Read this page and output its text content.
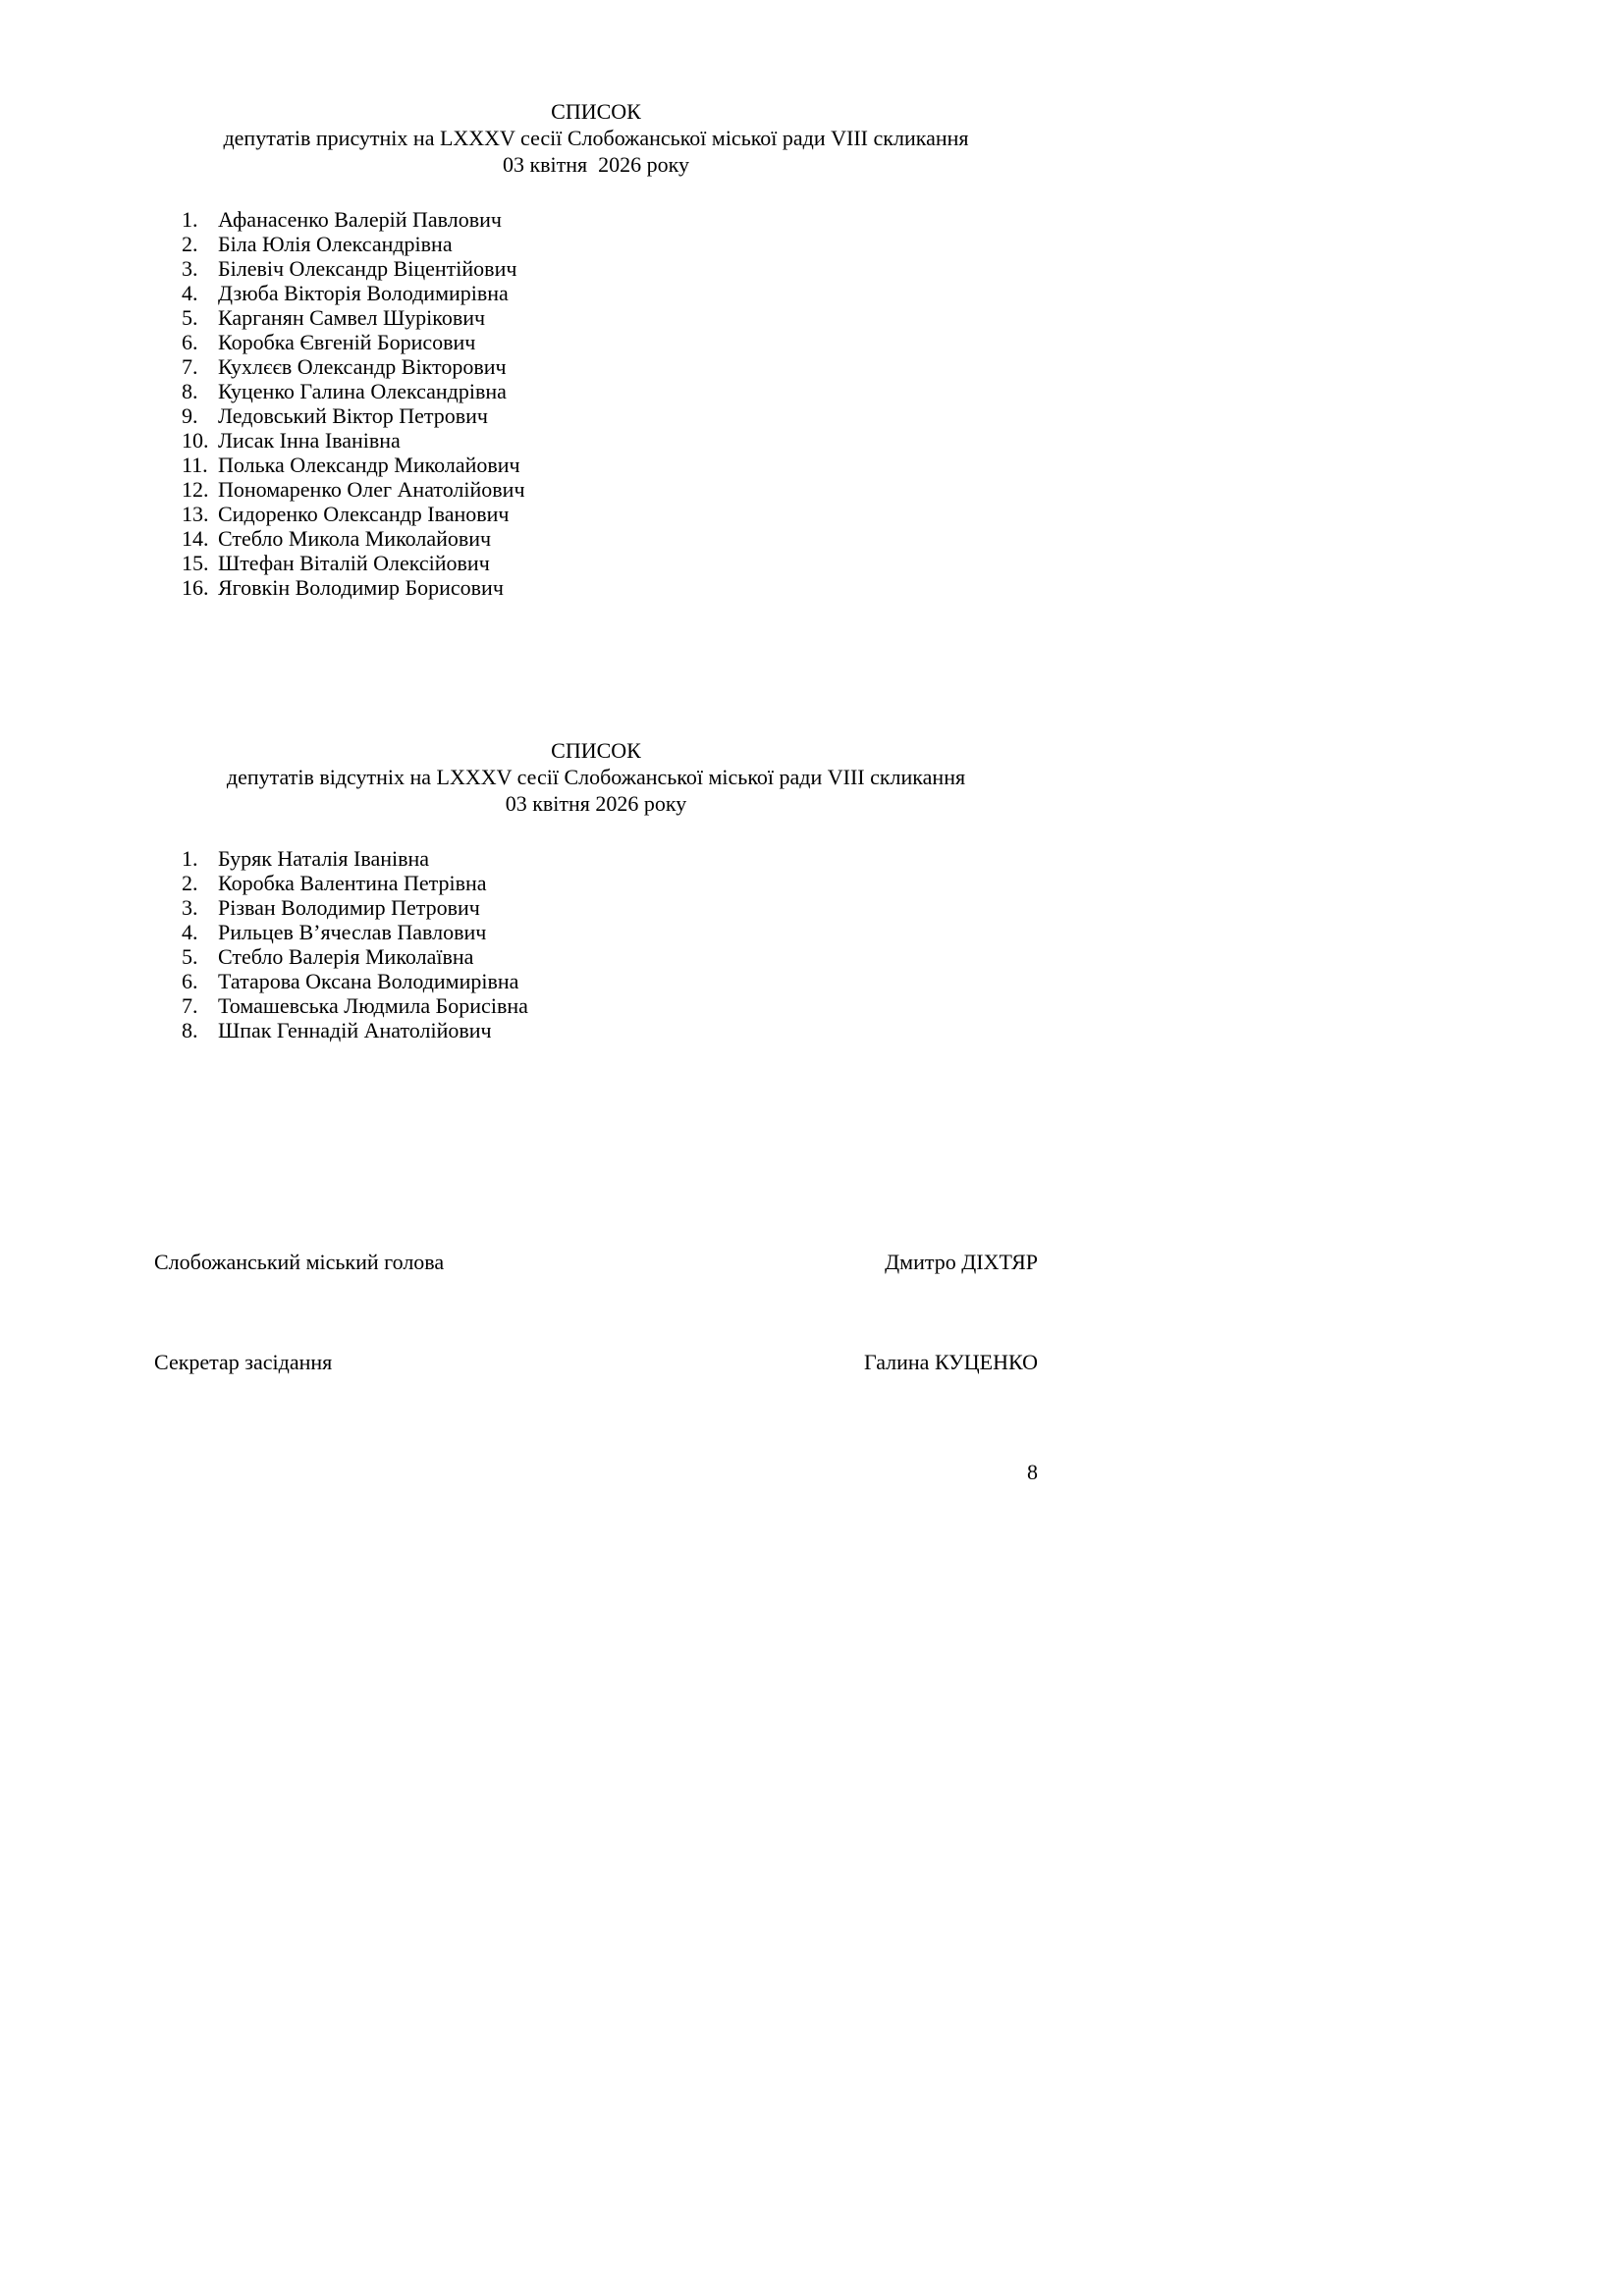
СПИСОК
депутатів присутніх на LXXXV сесії Слобожанської міської ради VIII скликання
03 квітня  2026 року
1. Афанасенко Валерій Павлович
2. Біла Юлія Олександрівна
3. Білевіч Олександр Віцентійович
4. Дзюба Вікторія Володимирівна
5. Карганян Самвел Шурікович
6. Коробка Євгеній Борисович
7. Кухлєєв Олександр Вікторович
8. Куценко Галина Олександрівна
9. Ледовський Віктор Петрович
10. Лисак Інна Іванівна
11. Полька Олександр Миколайович
12. Пономаренко Олег Анатолійович
13. Сидоренко Олександр Іванович
14. Стебло Микола Миколайович
15. Штефан Віталій Олексійович
16. Яговкін Володимир Борисович
СПИСОК
депутатів відсутніх на LXXXV сесії Слобожанської міської ради VIII скликання
03 квітня 2026 року
1. Буряк Наталія Іванівна
2. Коробка Валентина Петрівна
3. Різван Володимир Петрович
4. Рильцев В’ячеслав Павлович
5. Стебло Валерія Миколаївна
6. Татарова Оксана Володимирівна
7. Томашевська Людмила Борисівна
8. Шпак Геннадій Анатолійович
Слобожанський міський голова	Дмитро ДІХТЯР
Секретар засідання	Галина КУЦЕНКО
8
